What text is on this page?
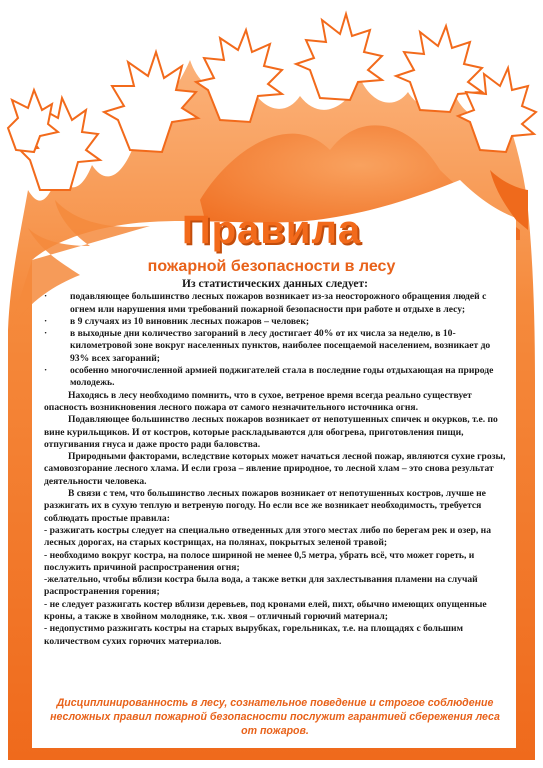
Правила
пожарной безопасности в лесу
Из статистических данных следует:
·	подавляющее большинство лесных пожаров возникает из-за неосторожного обращения людей с огнем или нарушения ими требований пожарной безопасности при работе и отдыхе в лесу;
·	в 9 случаях из 10 виновник лесных пожаров – человек;
·	в выходные дни количество загораний в лесу достигает 40% от их числа за неделю, в 10-километровой зоне вокруг населенных пунктов, наиболее посещаемой населением, возникает до 93% всех загораний;
·	особенно многочисленной армией поджигателей стала в последние годы отдыхающая на природе молодежь.

Находясь в лесу необходимо помнить, что в сухое, ветреное время всегда реально существует опасность возникновения лесного пожара от самого незначительного источника огня.

Подавляющее большинство лесных пожаров возникает от непотушенных спичек и окурков, т.е. по вине курильщиков. И от костров, которые раскладываются для обогрева, приготовления пищи, отпугивания гнуса и даже просто ради баловства.

Природными факторами, вследствие которых может начаться лесной пожар, являются сухие грозы, самовозгорание лесного хлама. И если гроза – явление природное, то лесной хлам – это снова результат деятельности человека.

В связи с тем, что большинство лесных пожаров возникает от непотушенных костров, лучше не разжигать их в сухую теплую и ветреную погоду. Но если все же возникает необходимость, требуется соблюдать простые правила:

- разжигать костры следует на специально отведенных для этого местах либо по берегам рек и озер, на лесных дорогах, на старых кострищах, на полянах, покрытых зеленой травой;

- необходимо вокруг костра, на полосе шириной не менее 0,5 метра, убрать всё, что может гореть, и послужить причиной распространения огня;

-желательно, чтобы вблизи костра была вода, а также ветки для захлестывания пламени на случай распространения горения;

- не следует разжигать костер вблизи деревьев, под кронами елей, пихт, обычно имеющих опущенные кроны, а также в хвойном молодняке, т.к. хвоя – отличный горючий материал;

- недопустимо разжигать костры на старых вырубках, горельниках, т.е. на площадях с большим количеством сухих горючих материалов.

Дисциплинированность в лесу, сознательное поведение и строгое соблюдение несложных правил пожарной безопасности послужит гарантией сбережения леса от пожаров.
